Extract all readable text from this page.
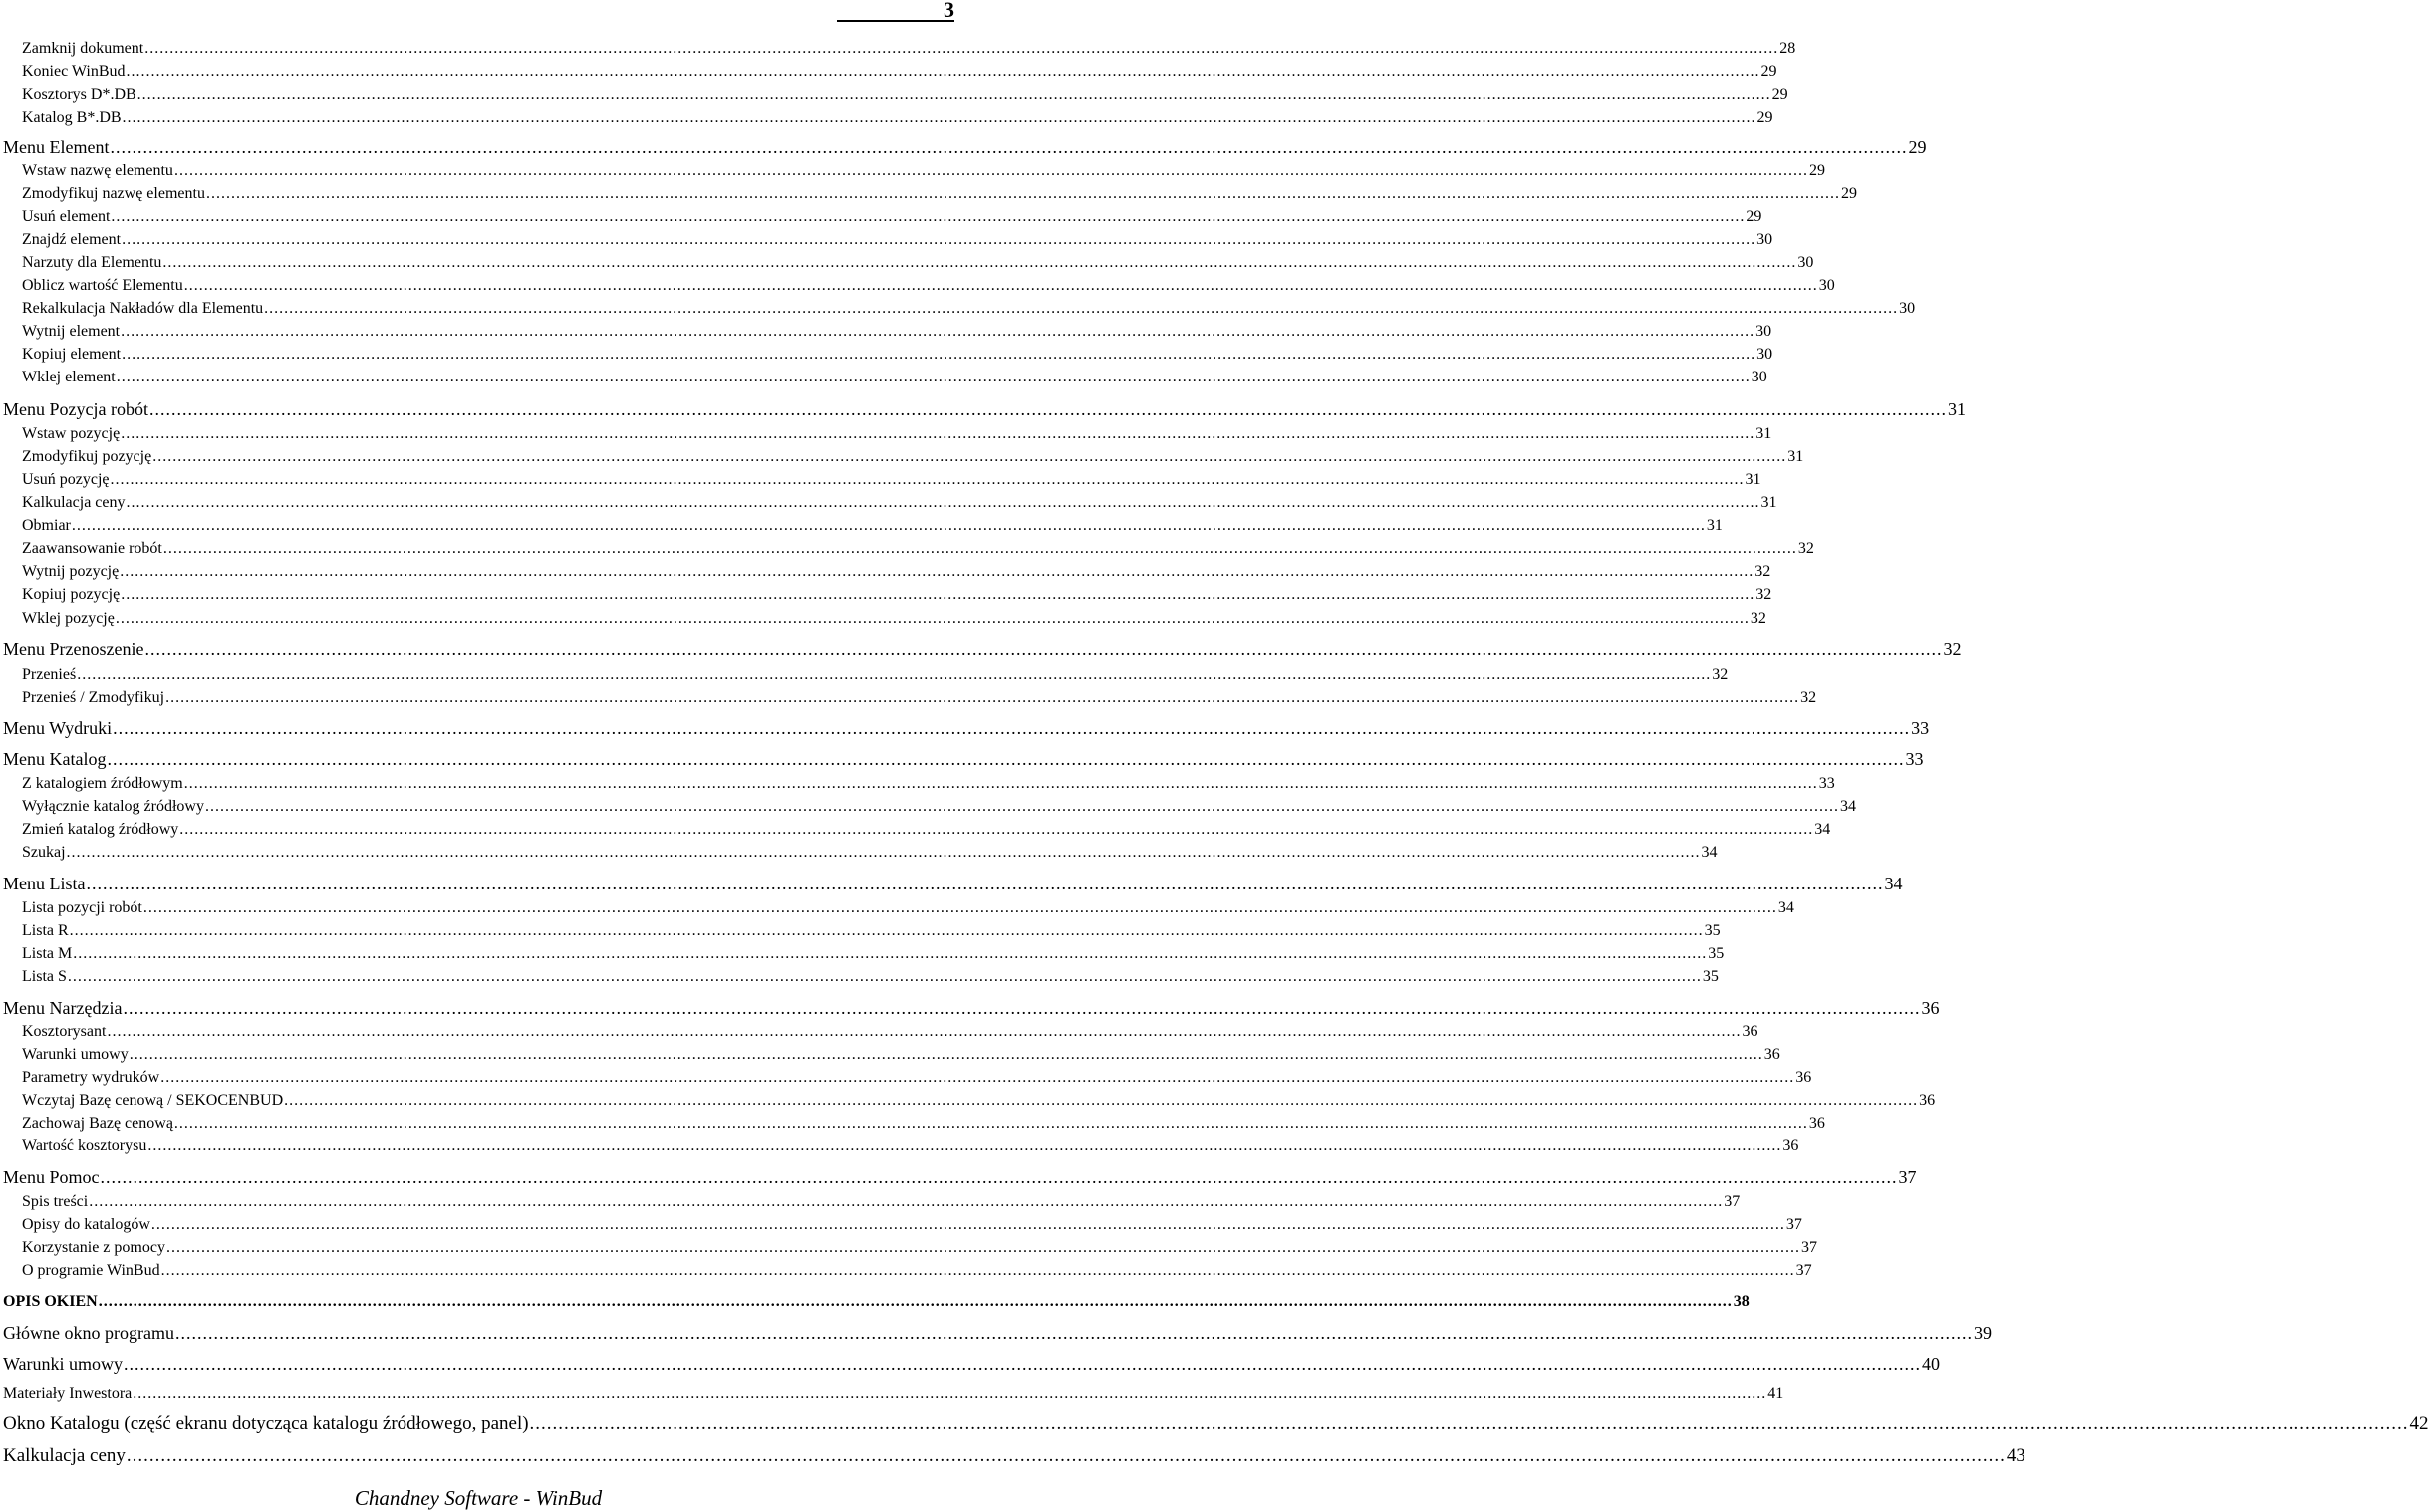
3
Zamknij dokument .....	28
Koniec WinBud .....	29
Kosztorys D*.DB .....	29
Katalog B*.DB .....	29
Menu Element .....	29
Wstaw nazwę elementu .....	29
Zmodyfikuj nazwę elementu .....	29
Usuń element .....	29
Znajdź element .....	30
Narzuty dla Elementu .....	30
Oblicz wartość Elementu .....	30
Rekalkulacja Nakładów dla Elementu .....	30
Wytnij element .....	30
Kopiuj element .....	30
Wklej element .....	30
Menu Pozycja robót .....	31
Wstaw pozycję .....	31
Zmodyfikuj pozycję .....	31
Usuń pozycję .....	31
Kalkulacja ceny .....	31
Obmiar .....	31
Zaawansowanie robót .....	32
Wytnij pozycję .....	32
Kopiuj pozycję .....	32
Wklej pozycję .....	32
Menu Przenoszenie .....	32
Przenieś .....	32
Przenieś / Zmodyfikuj .....	32
Menu Wydruki .....	33
Menu Katalog .....	33
Z katalogiem źródłowym .....	33
Wyłącznie katalog źródłowy .....	34
Zmień katalog źródłowy .....	34
Szukaj .....	34
Menu Lista .....	34
Lista pozycji robót .....	34
Lista R .....	35
Lista M .....	35
Lista S .....	35
Menu Narzędzia .....	36
Kosztorysant .....	36
Warunki umowy .....	36
Parametry wydruków .....	36
Wczytaj Bazę cenową / SEKOCENBUD .....	36
Zachowaj Bazę cenową .....	36
Wartość kosztorysu .....	36
Menu Pomoc .....	37
Spis treści .....	37
Opisy do katalogów .....	37
Korzystanie z pomocy .....	37
O programie WinBud .....	37
OPIS OKIEN .....	38
Główne okno programu .....	39
Warunki umowy .....	40
Materiały Inwestora .....	41
Okno Katalogu (część ekranu dotycząca katalogu źródłowego, panel) .....	42
Kalkulacja ceny .....	43
Chandney Software - WinBud
